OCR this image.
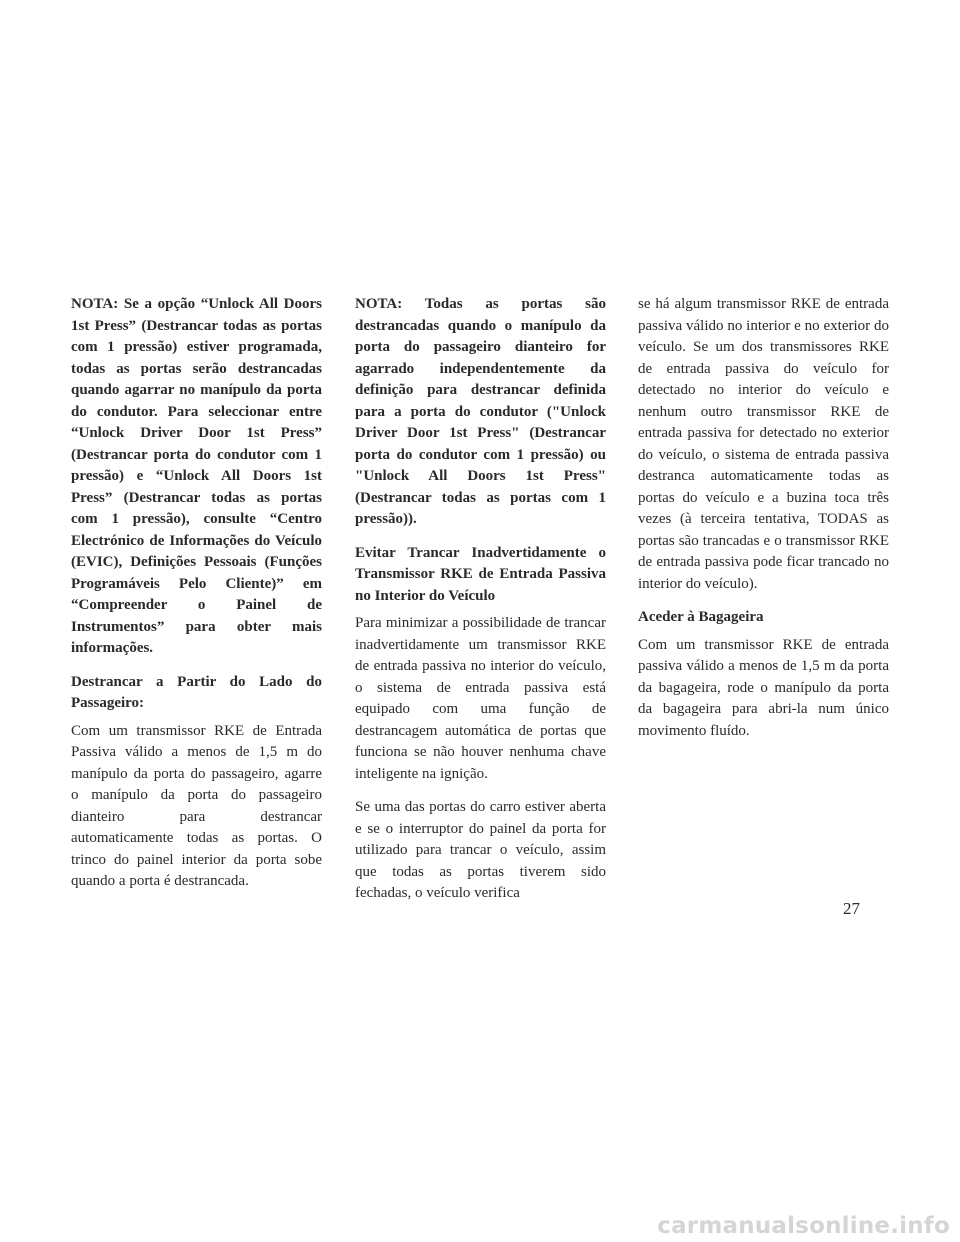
NOTA: Se a opção “Unlock All Doors 1st Press” (Destrancar todas as portas com 1 pressão) estiver programada, todas as portas serão destrancadas quando agarrar no manípulo da porta do condutor. Para seleccionar entre “Unlock Driver Door 1st Press” (Destrancar porta do condutor com 1 pressão) e “Unlock All Doors 1st Press” (Destrancar todas as portas com 1 pressão), consulte “Centro Electrónico de Informações do Veículo (EVIC), Definições Pessoais (Funções Programáveis Pelo Cliente)” em “Compreender o Painel de Instrumentos” para obter mais informações.

Destrancar a Partir do Lado do Passageiro:

Com um transmissor RKE de Entrada Passiva válido a menos de 1,5 m do manípulo da porta do passageiro, agarre o manípulo da porta do passageiro dianteiro para destrancar automaticamente todas as portas. O trinco do painel interior da porta sobe quando a porta é destrancada.

NOTA: Todas as portas são destrancadas quando o manípulo da porta do passageiro dianteiro for agarrado independentemente da definição para destrancar definida para a porta do condutor ("Unlock Driver Door 1st Press" (Destrancar porta do condutor com 1 pressão) ou "Unlock All Doors 1st Press" (Destrancar todas as portas com 1 pressão)).

Evitar Trancar Inadvertidamente o Transmissor RKE de Entrada Passiva no Interior do Veículo

Para minimizar a possibilidade de trancar inadvertidamente um transmissor RKE de entrada passiva no interior do veículo, o sistema de entrada passiva está equipado com uma função de destrancagem automática de portas que funciona se não houver nenhuma chave inteligente na ignição.

Se uma das portas do carro estiver aberta e se o interruptor do painel da porta for utilizado para trancar o veículo, assim que todas as portas tiverem sido fechadas, o veículo verifica

se há algum transmissor RKE de entrada passiva válido no interior e no exterior do veículo. Se um dos transmissores RKE de entrada passiva do veículo for detectado no interior do veículo e nenhum outro transmissor RKE de entrada passiva for detectado no exterior do veículo, o sistema de entrada passiva destranca automaticamente todas as portas do veículo e a buzina toca três vezes (à terceira tentativa, TODAS as portas são trancadas e o transmissor RKE de entrada passiva pode ficar trancado no interior do veículo).

Aceder à Bagageira

Com um transmissor RKE de entrada passiva válido a menos de 1,5 m da porta da bagageira, rode o manípulo da porta da bagageira para abri-la num único movimento fluído.

27
carmanualsonline.info
